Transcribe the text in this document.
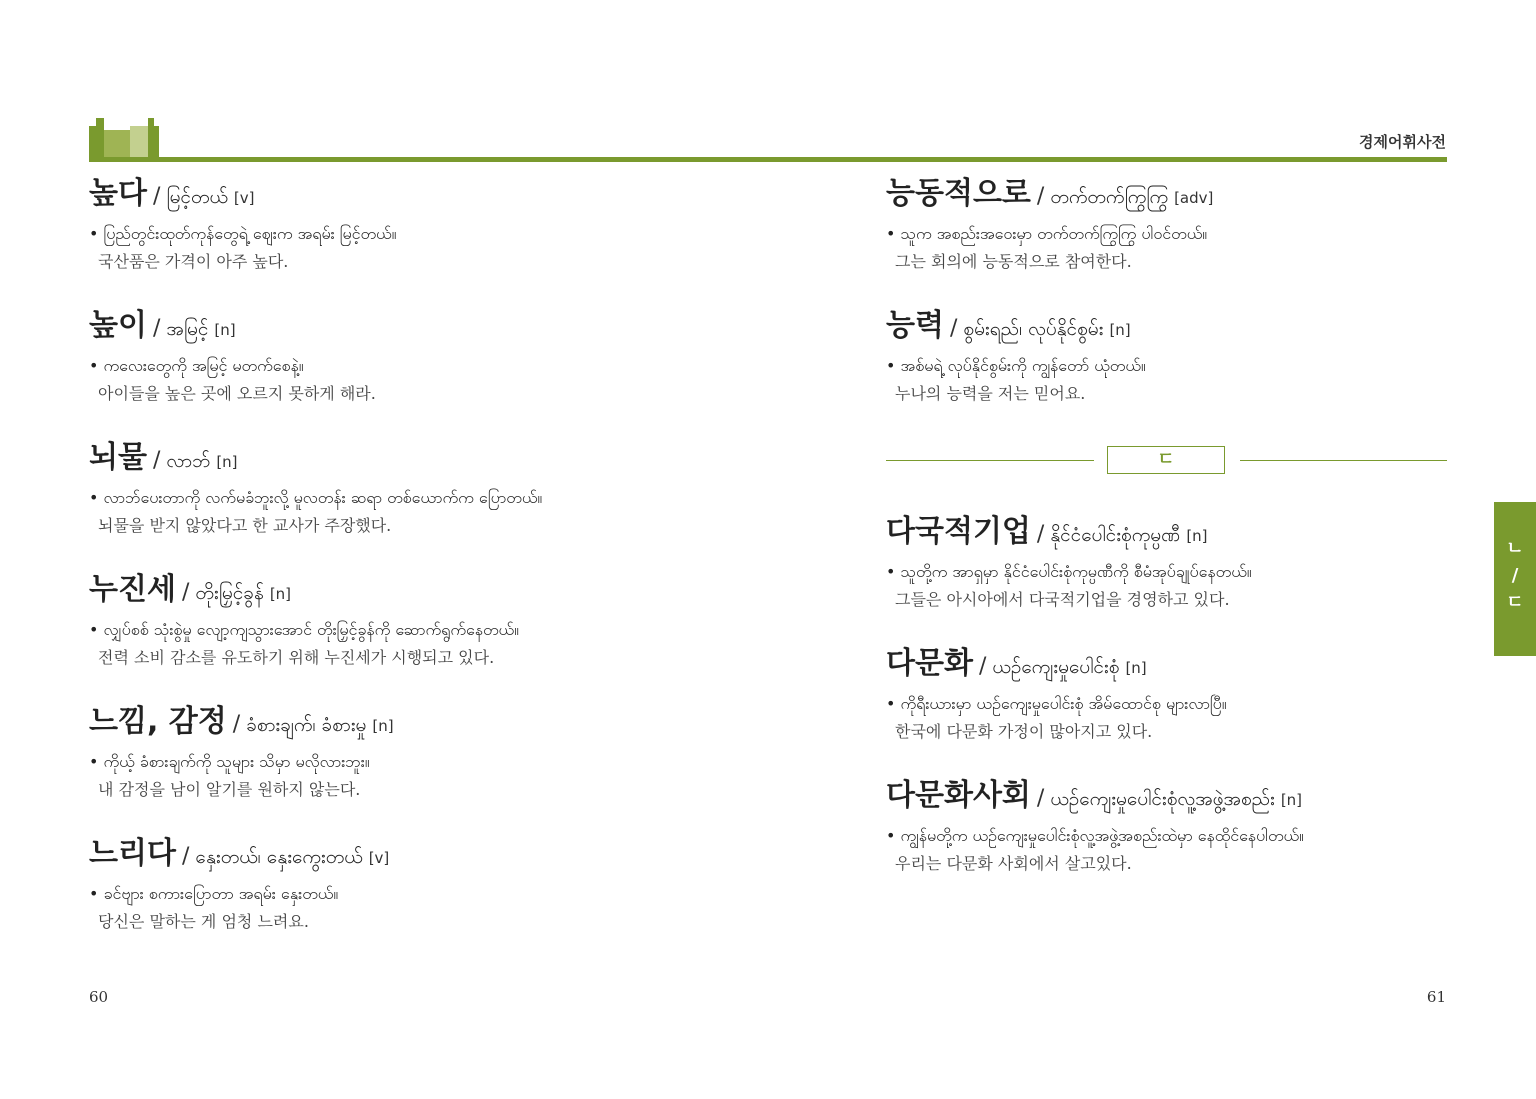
경제어휘사전
높다 / မြင့်တယ် [v]
• ပြည်တွင်းထုတ်ကုန်တွေရဲ့ ဈေးက အရမ်း မြင့်တယ်။
국산품은 가격이 아주 높다.
높이 / အမြင့် [n]
• ကလေးတွေကို အမြင့် မတက်စေနဲ့။
아이들을 높은 곳에 오르지 못하게 해라.
뇌물 / လာဘ် [n]
• လာဘ်ပေးတာကို လက်မခံဘူးလို့ မူလတန်း ဆရာ တစ်ယောက်က ပြောတယ်။
뇌물을 받지 않았다고 한 교사가 주장했다.
누진세 / တိုးမြှင့်ခွန် [n]
• လျှပ်စစ် သုံးစွဲမှု လျော့ကျသွားအောင် တိုးမြှင့်ခွန်ကို ဆောက်ရွက်နေတယ်။
전력 소비 감소를 유도하기 위해 누진세가 시행되고 있다.
느낌, 감정 / ခံစားချက်၊ ခံစားမှု [n]
• ကိုယ့် ခံစားချက်ကို သူများ သိမှာ မလိုလားဘူး။
내 감정을 남이 알기를 원하지 않는다.
느리다 / နှေးတယ်၊ နှေးကွေးတယ် [v]
• ခင်ဗျား စကားပြောတာ အရမ်း နှေးတယ်။
당신은 말하는 게 엄청 느려요.
능동적으로 / တက်တက်ကြွကြွ [adv]
• သူက အစည်းအဝေးမှာ တက်တက်ကြွကြွ ပါဝင်တယ်။
그는 회의에 능동적으로 참여한다.
능력 / စွမ်းရည်၊ လုပ်နိုင်စွမ်း [n]
• အစ်မရဲ့ လုပ်နိုင်စွမ်းကို ကျွန်တော် ယုံတယ်။
누나의 능력을 저는 믿어요.
ㄷ
다국적기업 / နိုင်ငံပေါင်းစုံကုမ္ပဏီ [n]
• သူတို့က အာရှမှာ နိုင်ငံပေါင်းစုံကုမ္ပဏီကို စီမံအုပ်ချုပ်နေတယ်။
그들은 아시아에서 다국적기업을 경영하고 있다.
다문화 / ယဉ်ကျေးမှုပေါင်းစုံ [n]
• ကိုရီးယားမှာ ယဉ်ကျေးမှုပေါင်းစုံ အိမ်ထောင်စု များလာပြီ။
한국에 다문화 가정이 많아지고 있다.
다문화사회 / ယဉ်ကျေးမှုပေါင်းစုံလူ့အဖွဲ့အစည်း [n]
• ကျွန်မတို့က ယဉ်ကျေးမှုပေါင်းစုံလူ့အဖွဲ့အစည်းထဲမှာ နေထိုင်နေပါတယ်။
우리는 다문화 사회에서 살고있다.
ㄴ
/
ㄷ
60	61
